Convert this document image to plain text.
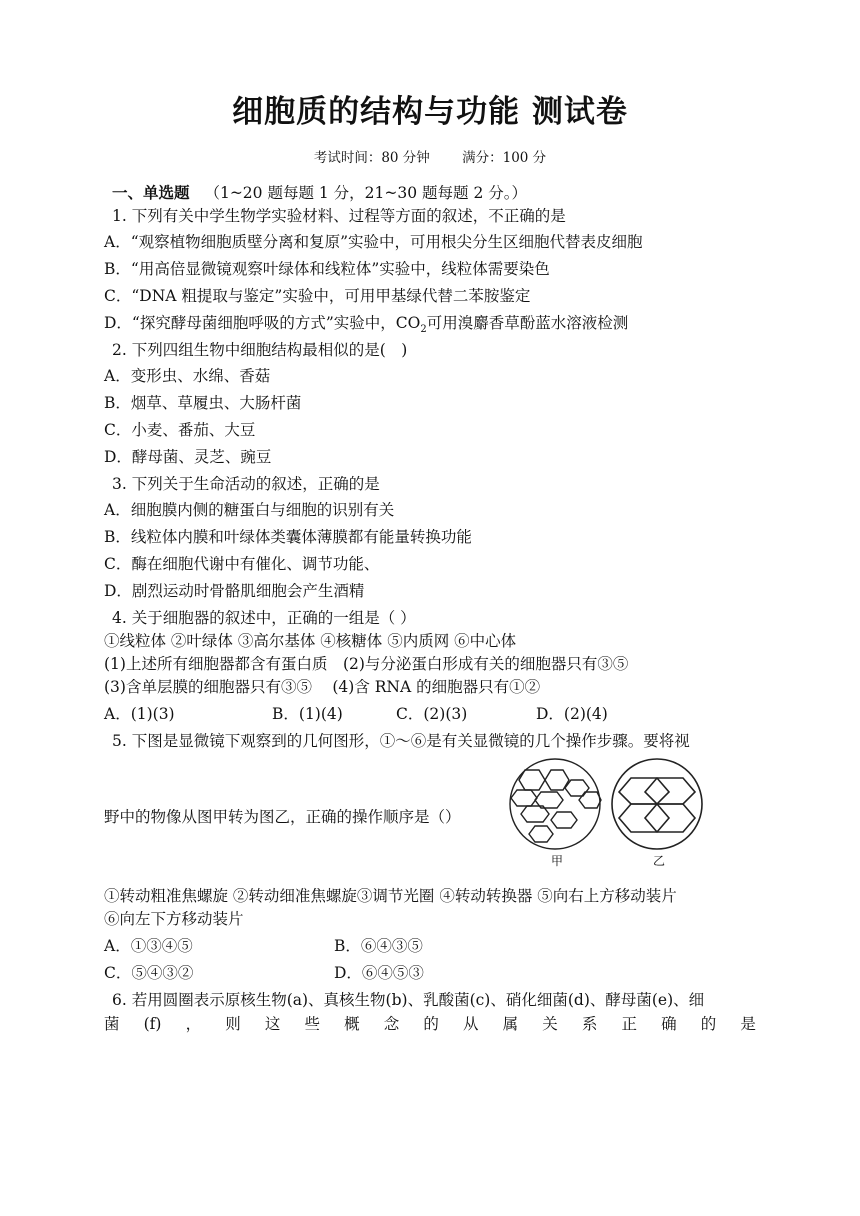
细胞质的结构与功能 测试卷
考试时间：80 分钟 满分：100 分
一、单选题 （1~20 题每题 1 分，21~30 题每题 2 分。）
1. 下列有关中学生物学实验材料、过程等方面的叙述，不正确的是
A．“观察植物细胞质壁分离和复原”实验中，可用根尖分生区细胞代替表皮细胞
B．“用高倍显微镜观察叶绿体和线粒体”实验中，线粒体需要染色
C．“DNA 粗提取与鉴定”实验中，可用甲基绿代替二苯胺鉴定
D．“探究酵母菌细胞呼吸的方式”实验中，$CO_2$可用溴麝香草酚蓝水溶液检测
2. 下列四组生物中细胞结构最相似的是(　)
A．变形虫、水绵、香菇
B．烟草、草履虫、大肠杆菌
C．小麦、番茄、大豆
D．酵母菌、灵芝、豌豆
3. 下列关于生命活动的叙述，正确的是
A．细胞膜内侧的糖蛋白与细胞的识别有关
B．线粒体内膜和叶绿体类囊体薄膜都有能量转换功能
C．酶在细胞代谢中有催化、调节功能、
D．剧烈运动时骨骼肌细胞会产生酒精
4. 关于细胞器的叙述中，正确的一组是（ ）
①线粒体 ②叶绿体 ③高尔基体 ④核糖体 ⑤内质网 ⑥中心体
(1)上述所有细胞器都含有蛋白质　(2)与分泌蛋白形成有关的细胞器只有③⑤
(3)含单层膜的细胞器只有③⑤　 (4)含 RNA 的细胞器只有①②
A．(1)(3)	B．(1)(4)	C．(2)(3)	D．(2)(4)
5. 下图是显微镜下观察到的几何图形，①～⑥是有关显微镜的几个操作步骤。要将视
野中的物像从图甲转为图乙，正确的操作顺序是（）
甲	乙
①转动粗准焦螺旋 ②转动细准焦螺旋③调节光圈 ④转动转换器 ⑤向右上方移动装片
⑥向左下方移动装片
A．①③④⑤	B．⑥④③⑤
C．⑤④③②	D．⑥④⑤③
6. 若用圆圈表示原核生物(a)、真核生物(b)、乳酸菌(c)、硝化细菌(d)、酵母菌(e)、细
菌 (f) ， 则 这 些 概 念 的 从 属 关 系 正 确 的 是
